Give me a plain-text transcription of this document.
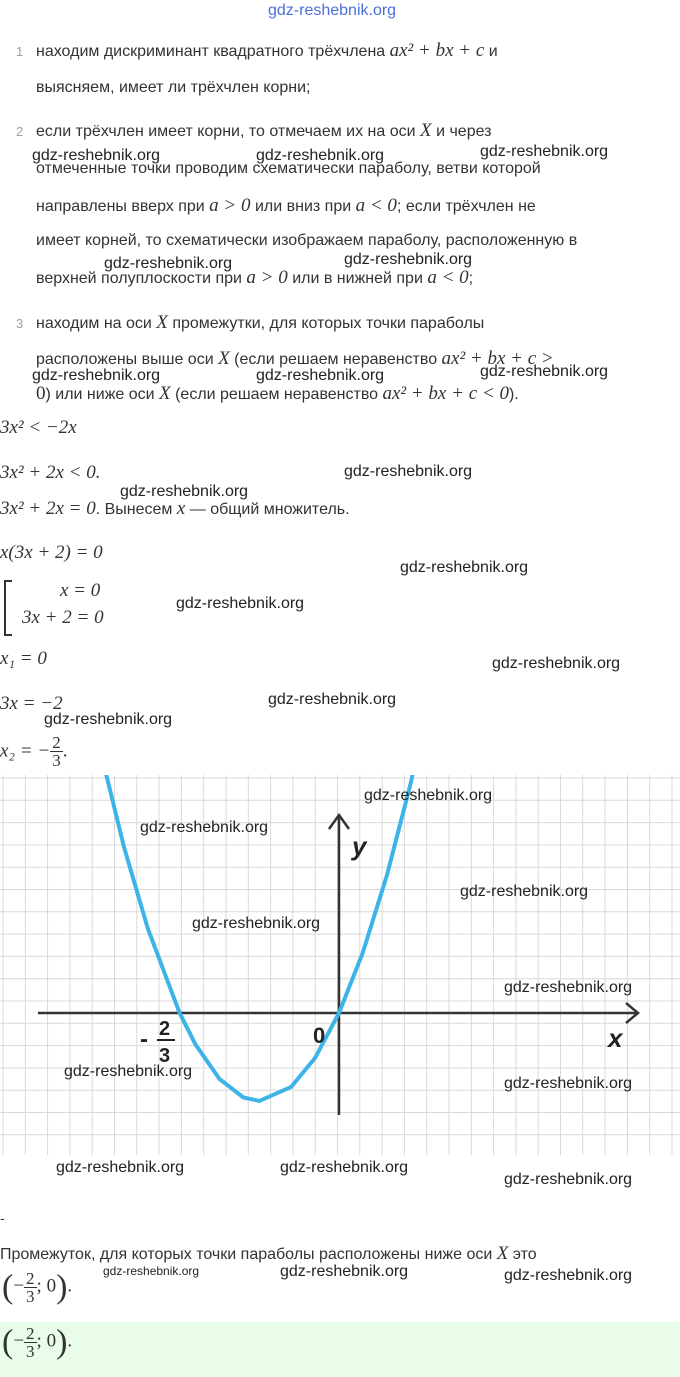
gdz-reshebnik.org
1 находим дискриминант квадратного трёхчлена ax² + bx + c и
выясняем, имеет ли трёхчлен корни;
2 если трёхчлен имеет корни, то отмечаем их на оси X и через
отмеченные точки проводим схематически параболу, ветви которой
направлены вверх при a > 0 или вниз при a < 0; если трёхчлен не
имеет корней, то схематически изображаем параболу, расположенную в
верхней полуплоскости при a > 0 или в нижней при a < 0;
3 находим на оси X промежутки, для которых точки параболы
расположены выше оси X (если решаем неравенство ax² + bx + c >
0) или ниже оси X (если решаем неравенство ax² + bx + c < 0).
3x² < −2x
3x² + 2x < 0.
3x² + 2x = 0. Вынесем x — общий множитель.
x(3x + 2) = 0
x = 0
3x + 2 = 0
x₁ = 0
3x = −2
x₂ = − $\frac{2}{3}$ .
y
x
0
- 2
3
-
Промежуток, для которых точки параболы расположены ниже оси X это
(− $\frac{2}{3}$ ; 0).
(− $\frac{2}{3}$ ; 0).
gdz-reshebnik.org	gdz-reshebnik.org	gdz-reshebnik.org
gdz-reshebnik.org	gdz-reshebnik.org
gdz-reshebnik.org	gdz-reshebnik.org	gdz-reshebnik.org
gdz-reshebnik.org
gdz-reshebnik.org
gdz-reshebnik.org
gdz-reshebnik.org
gdz-reshebnik.org
gdz-reshebnik.org
gdz-reshebnik.org
gdz-reshebnik.org
gdz-reshebnik.org
gdz-reshebnik.org
gdz-reshebnik.org
gdz-reshebnik.org
gdz-reshebnik.org
gdz-reshebnik.org
gdz-reshebnik.org	gdz-reshebnik.org
gdz-reshebnik.org
gdz-reshebnik.org	gdz-reshebnik.org	gdz-reshebnik.org
